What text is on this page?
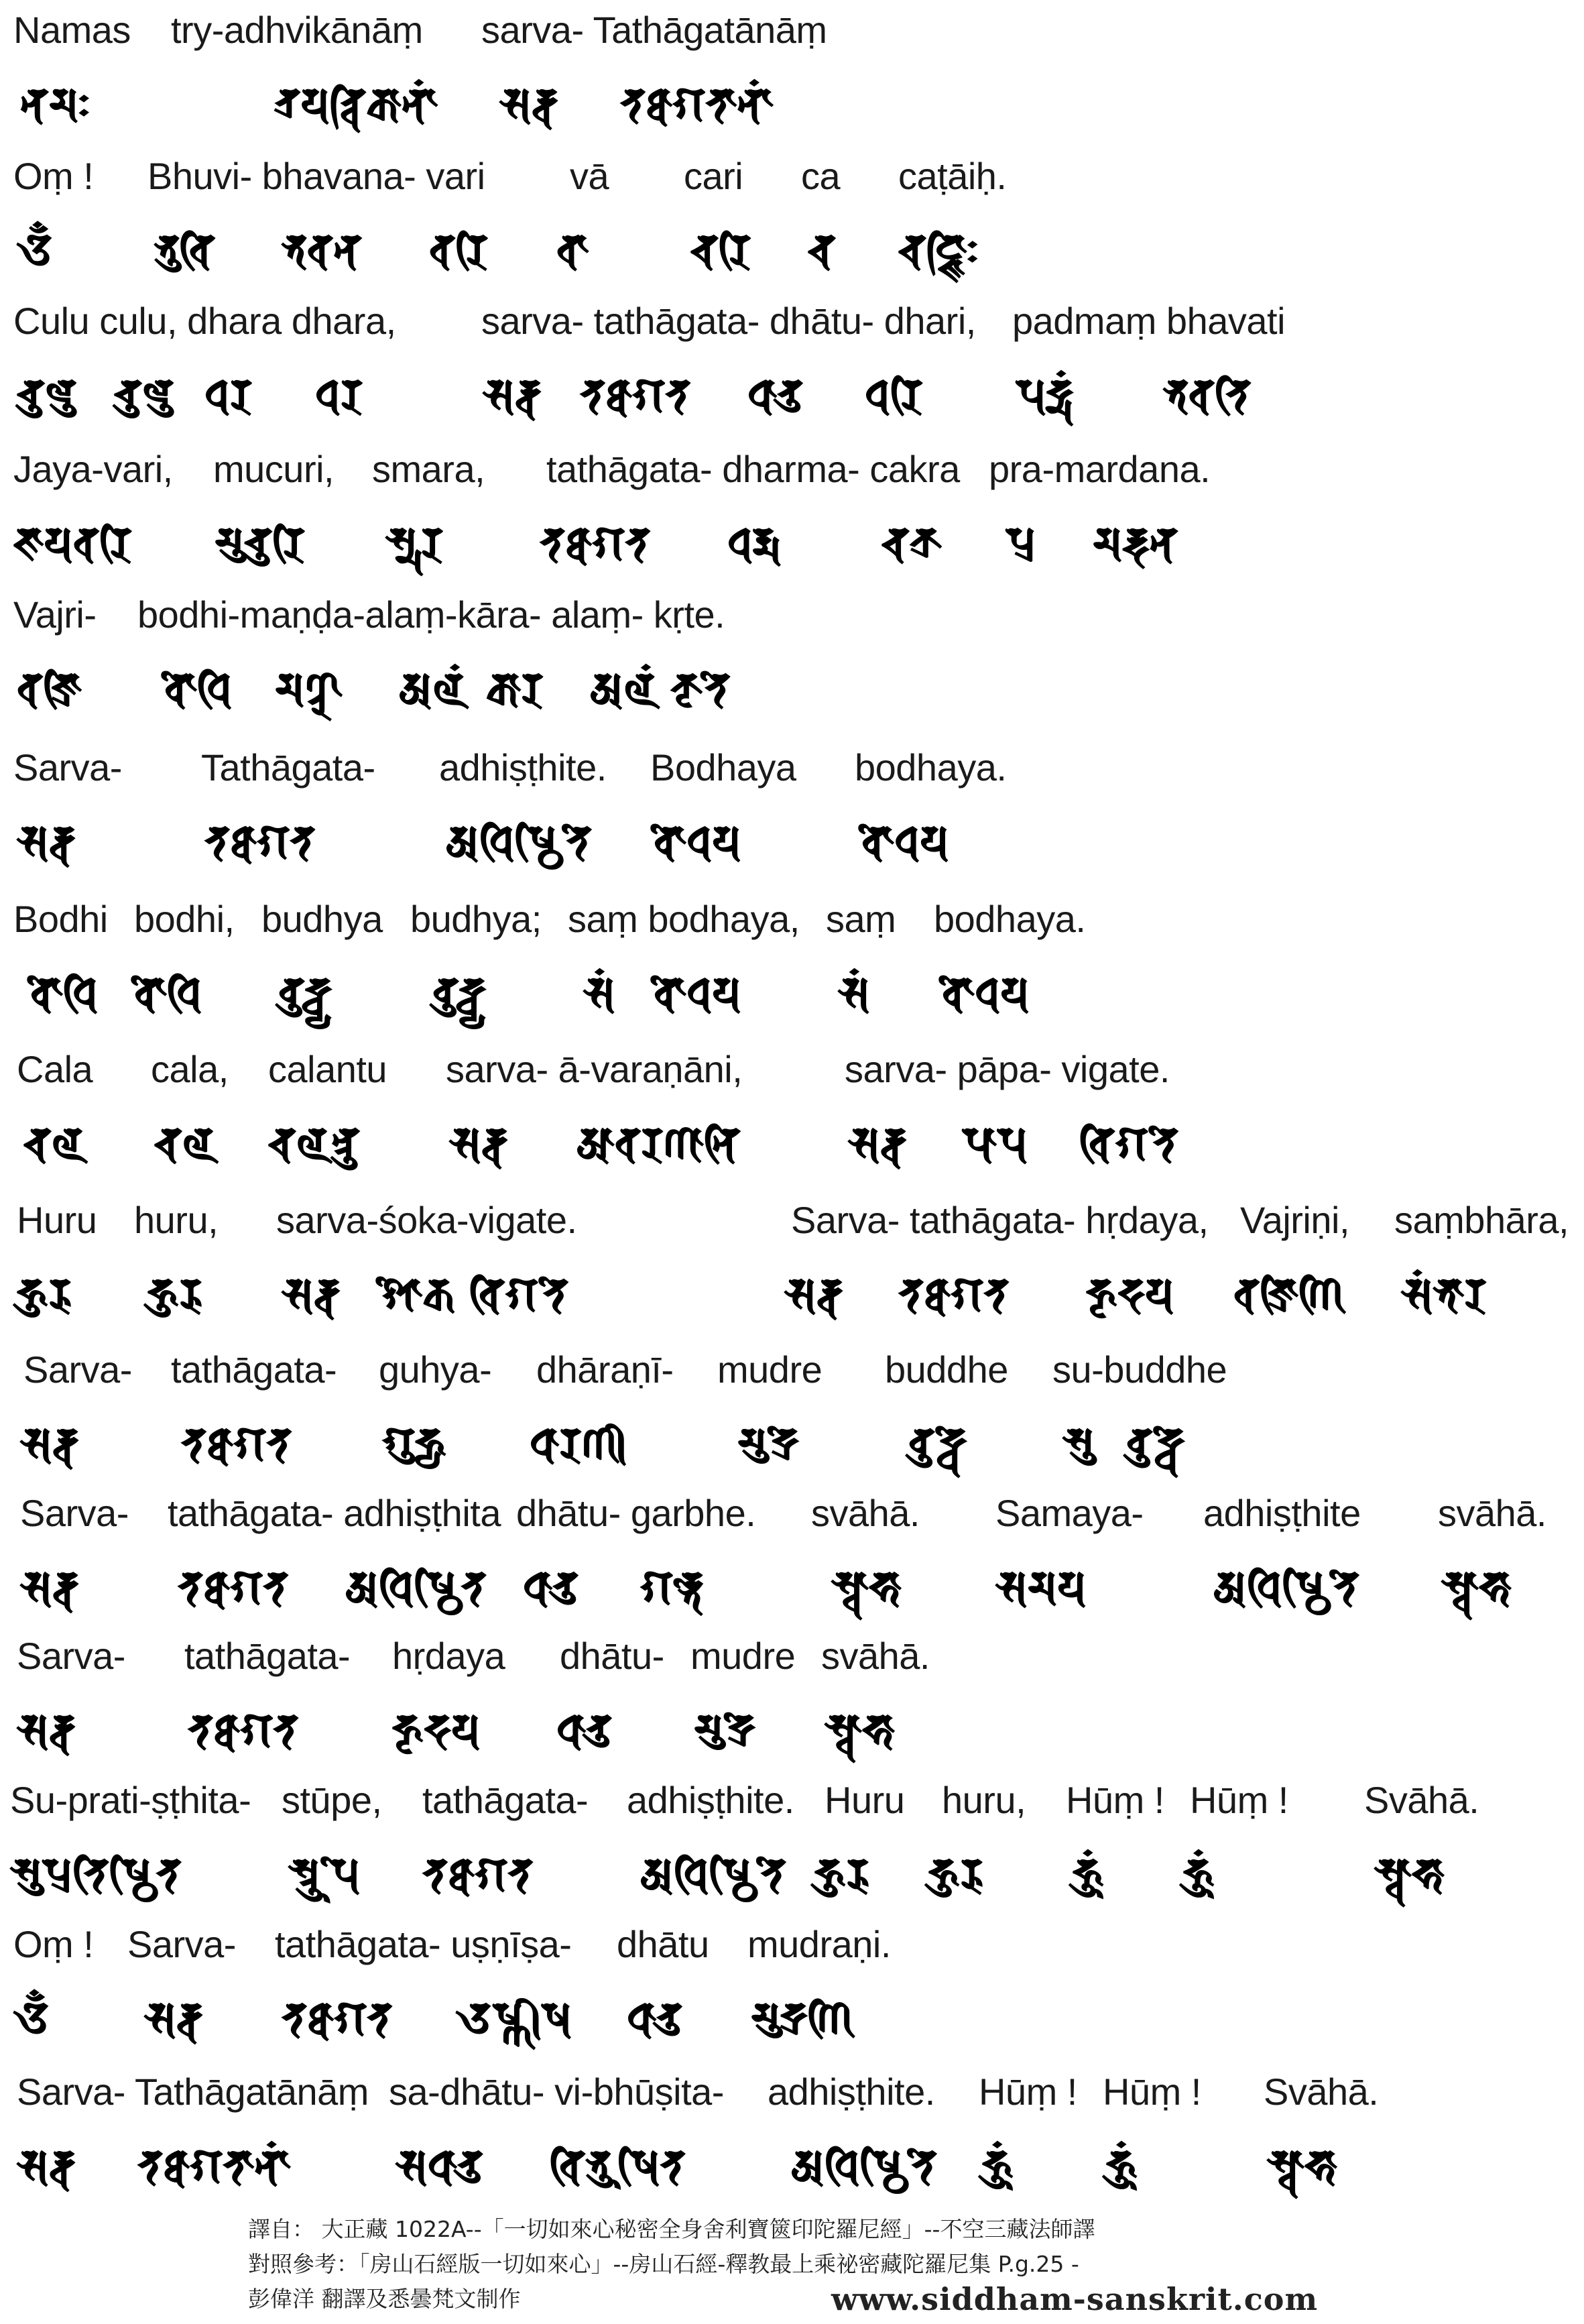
Namas try-adhvikānāṃ sarva- Tathāgatānāṃ
𑖡𑖦𑖾	𑖝𑖿𑖨𑖧𑖝𑖿𑖪𑖰𑖎𑖯𑖡𑖯𑖽 𑖭𑖨𑖿𑖪 𑖝𑖞𑖯𑖐𑖝𑖯𑖡𑖯𑖽
Oṃ ! Bhuvi- bhavana- vari vā cari ca caṭāiḥ.
𑖌𑖼 𑖥𑖲𑖪𑖰 𑖥𑖪𑖡 𑖪𑖨𑖰 𑖪𑖯 𑖓𑖨𑖰 𑖓 𑖓𑖘𑖿𑖕𑖰𑖾
Culu culu, dhara dhara, sarva- tathāgata- dhātu- dhari, padmaṃ bhavati
𑖓𑖲𑖩𑖲 𑖓𑖲𑖩𑖲 𑖠𑖨 𑖠𑖨	𑖭𑖨𑖿𑖪 𑖝𑖞𑖯𑖐𑖝 𑖠𑖯𑖝𑖲 𑖠𑖨𑖰 𑖢𑖟𑖿𑖦𑖽 𑖥𑖪𑖝𑖰
Jaya-vari, mucuri, smara, tathāgata- dharma- cakra pra-mardana.
𑖕𑖧𑖪𑖨𑖰 𑖦𑖲𑖓𑖲𑖨𑖰 𑖭𑖿𑖦𑖨 𑖝𑖞𑖯𑖐𑖝 𑖠𑖨𑖿𑖦 𑖓𑖎𑖿𑖨 𑖢𑖿𑖨 𑖦𑖨𑖿𑖟𑖡
Vajri- bodhi-maṇḍa-alaṃ-kāra- alaṃ- kṛte.
𑖪𑖕𑖿𑖨𑖰 𑖤𑖺𑖠𑖰 𑖦𑖜𑖿𑖚 𑖀𑖩𑖽 𑖎𑖯𑖨 𑖀𑖩𑖽 𑖎𑖴𑖝𑖸
Sarva- Tathāgata- adhiṣṭhite. Bodhaya bodhaya.
𑖭𑖨𑖿𑖪	𑖝𑖞𑖯𑖐𑖝	𑖀𑖠𑖰𑖬𑖿𑖙𑖰𑖝𑖸 𑖤𑖺𑖠𑖧	𑖤𑖺𑖠𑖧
Bodhi bodhi, budhya budhya; saṃ bodhaya, saṃ bodhaya.
𑖤𑖺𑖠𑖰 𑖤𑖺𑖠𑖰 𑖤𑖲𑖟𑖿𑖠𑖿𑖧 𑖤𑖲𑖟𑖿𑖠𑖿𑖧 𑖭𑖽 𑖤𑖺𑖠𑖧 𑖭𑖽 𑖤𑖺𑖠𑖧
Cala cala, calantu sarva- ā-varaṇāni,	sarva- pāpa- vigate.
𑖓𑖩 𑖓𑖩 𑖓𑖩𑖡𑖿𑖝𑖲 𑖭𑖨𑖿𑖪 𑖁𑖪𑖨𑖜𑖯𑖡𑖰 𑖭𑖨𑖿𑖪 𑖢𑖯𑖢 𑖪𑖰𑖐𑖝𑖸
Huru huru, sarva-śoka-vigate.	Sarva- tathāgata- hṛdaya, Vajriṇi, saṃbhāra,
𑖮𑖲𑖨𑖲 𑖮𑖲𑖨𑖲 𑖭𑖨𑖿𑖪 𑖫𑖺𑖎 𑖪𑖰𑖐𑖝𑖸	𑖭𑖨𑖿𑖪 𑖝𑖞𑖯𑖐𑖝 𑖮𑖴𑖟𑖧 𑖪𑖕𑖿𑖨𑖰𑖜𑖰 𑖭𑖽𑖥𑖯𑖨
Sarva- tathāgata- guhya- dhāraṇī- mudre buddhe su-buddhe
𑖭𑖨𑖿𑖪 𑖝𑖞𑖯𑖐𑖝 𑖐𑖲𑖮𑖿𑖧 𑖠𑖯𑖨𑖜𑖱	𑖦𑖲𑖟𑖿𑖨𑖸 𑖤𑖲𑖟𑖿𑖠𑖸 𑖭𑖲 𑖤𑖲𑖟𑖿𑖠𑖸
Sarva- tathāgata- adhiṣṭhita dhātu- garbhe. svāhā. Samaya- adhiṣṭhite svāhā.
𑖭𑖨𑖿𑖪 𑖝𑖞𑖯𑖐𑖝 𑖀𑖠𑖰𑖬𑖿𑖙𑖰𑖝 𑖠𑖯𑖝𑖲 𑖐𑖨𑖿𑖥𑖸	𑖭𑖿𑖪𑖯𑖮𑖯 𑖭𑖦𑖧	𑖀𑖠𑖰𑖬𑖿𑖙𑖰𑖝𑖸 𑖭𑖿𑖪𑖯𑖮𑖯
Sarva- tathāgata- hṛdaya dhātu- mudre svāhā.
𑖭𑖨𑖿𑖪	𑖝𑖞𑖯𑖐𑖝 𑖮𑖴𑖟𑖧 𑖠𑖯𑖝𑖲 𑖦𑖲𑖟𑖿𑖨𑖸 𑖭𑖿𑖪𑖯𑖮𑖯
Su-prati-ṣṭhita- stūpe, tathāgata- adhiṣṭhite. Huru huru, Hūṃ ! Hūṃ ! Svāhā.
𑖭𑖲𑖢𑖿𑖨𑖝𑖰𑖬𑖿𑖙𑖰𑖝 𑖭𑖿𑖝𑖳𑖢𑖸 𑖝𑖞𑖯𑖐𑖝 𑖀𑖠𑖰𑖬𑖿𑖙𑖰𑖝𑖸 𑖮𑖲𑖨𑖲 𑖮𑖲𑖨𑖲 𑖮𑖳𑖽 𑖮𑖳𑖽	𑖭𑖿𑖪𑖯𑖮𑖯
Oṃ ! Sarva- tathāgata- uṣṇīṣa- dhātu mudraṇi.
𑖌𑖼 𑖭𑖨𑖿𑖪 𑖝𑖞𑖯𑖐𑖝 𑖄𑖬𑖿𑖜𑖱𑖬 𑖠𑖯𑖝𑖲 𑖦𑖲𑖟𑖿𑖨𑖜𑖰
Sarva- Tathāgatānāṃ sa-dhātu- vi-bhūṣita- adhiṣṭhite. Hūṃ ! Hūṃ ! Svāhā.
𑖭𑖨𑖿𑖪 𑖝𑖞𑖯𑖐𑖝𑖯𑖡𑖯𑖽 𑖭𑖠𑖯𑖝𑖲 𑖪𑖰𑖥𑖳𑖬𑖰𑖝 𑖀𑖠𑖰𑖬𑖿𑖙𑖰𑖝𑖸 𑖮𑖳𑖽 𑖮𑖳𑖽	𑖭𑖿𑖪𑖯𑖮𑖯
譯自： 大正藏 1022A--「一切如來心秘密全身舍利寶篋印陀羅尼經」--不空三藏法師譯
對照參考：「房山石經版一切如來心」--房山石經-釋教最上乘祕密藏陀羅尼集 P.g.25 -
彭偉洋 翻譯及悉曇梵文制作	www.siddham-sanskrit.com
